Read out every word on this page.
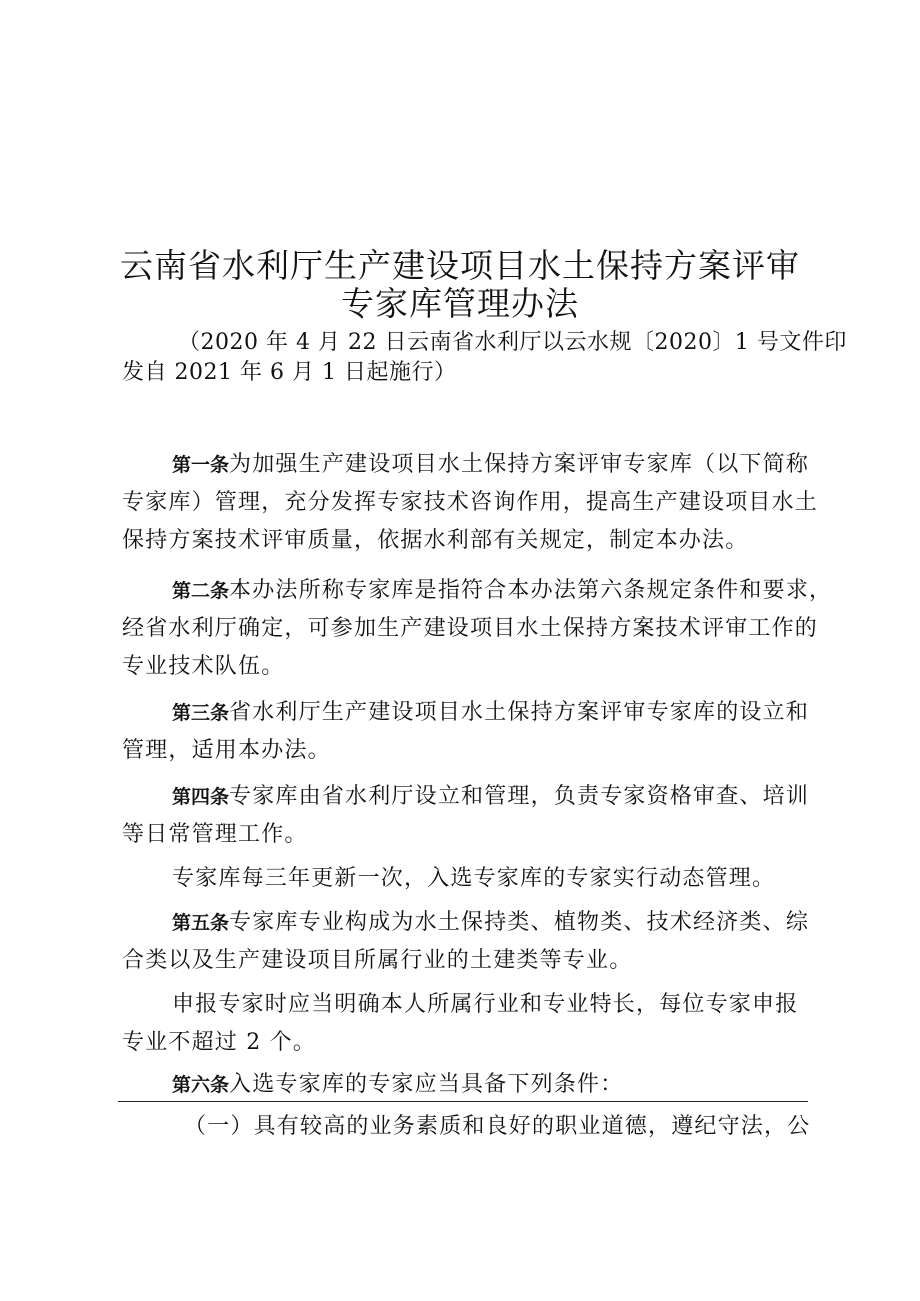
云南省水利厅生产建设项目水土保持方案评审
专家库管理办法
（2020 年 4 月 22 日云南省水利厅以云水规〔2020〕1 号文件印
发自 2021 年 6 月 1 日起施行）
第一条为加强生产建设项目水土保持方案评审专家库（以下简称
专家库）管理，充分发挥专家技术咨询作用，提高生产建设项目水土
保持方案技术评审质量，依据水利部有关规定，制定本办法。
第二条本办法所称专家库是指符合本办法第六条规定条件和要求，
经省水利厅确定，可参加生产建设项目水土保持方案技术评审工作的
专业技术队伍。
第三条省水利厅生产建设项目水土保持方案评审专家库的设立和
管理，适用本办法。
第四条专家库由省水利厅设立和管理，负责专家资格审查、培训
等日常管理工作。
专家库每三年更新一次，入选专家库的专家实行动态管理。
第五条专家库专业构成为水土保持类、植物类、技术经济类、综
合类以及生产建设项目所属行业的土建类等专业。
申报专家时应当明确本人所属行业和专业特长，每位专家申报
专业不超过 2 个。
第六条入选专家库的专家应当具备下列条件：
（一）具有较高的业务素质和良好的职业道德，遵纪守法，公
